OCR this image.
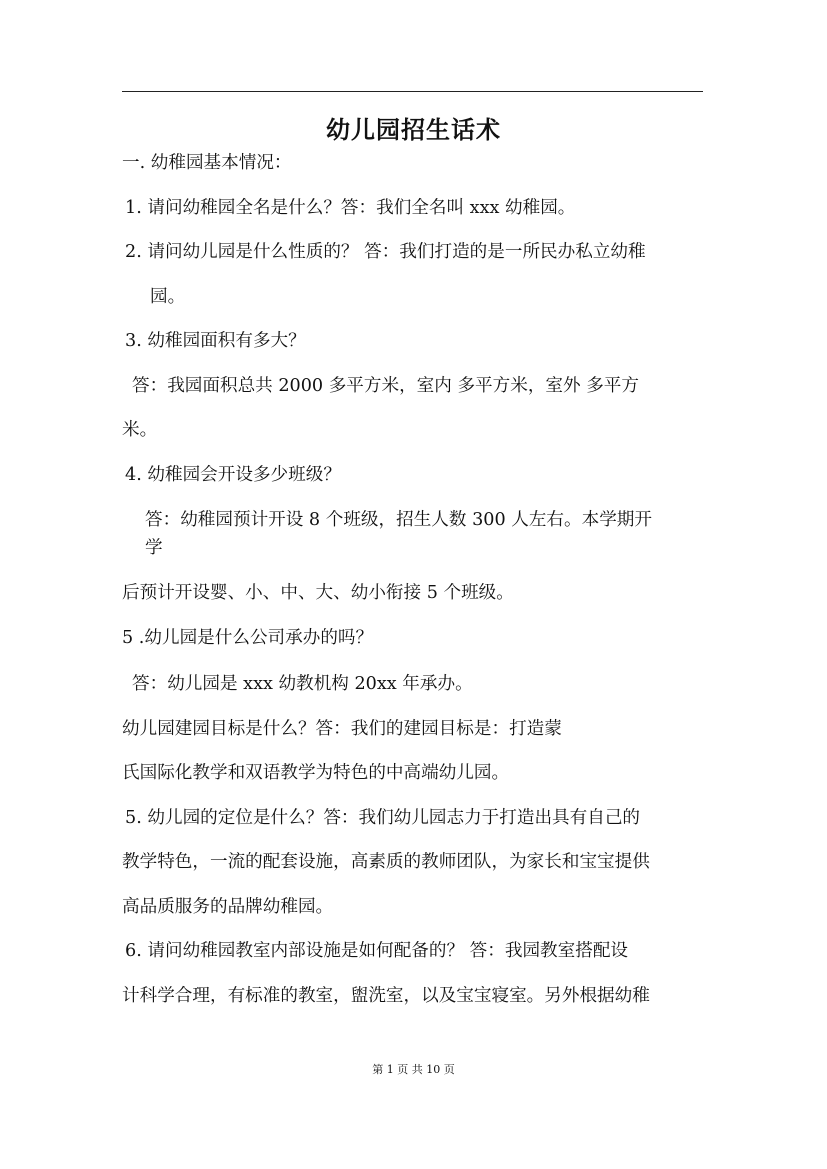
幼儿园招生话术
一. 幼稚园基本情况：
1. 请问幼稚园全名是什么？答：我们全名叫 xxx 幼稚园。
2. 请问幼儿园是什么性质的？ 答：我们打造的是一所民办私立幼稚
园。
3. 幼稚园面积有多大？
答：我园面积总共 2000 多平方米，室内 多平方米，室外 多平方
米。
4. 幼稚园会开设多少班级？
答：幼稚园预计开设 8 个班级，招生人数 300 人左右。本学期开
学
后预计开设婴、小、中、大、幼小衔接 5 个班级。
5 .幼儿园是什么公司承办的吗？
答：幼儿园是 xxx 幼教机构 20xx 年承办。
幼儿园建园目标是什么？答：我们的建园目标是：打造蒙
氏国际化教学和双语教学为特色的中高端幼儿园。
5. 幼儿园的定位是什么？答：我们幼儿园志力于打造出具有自己的
教学特色，一流的配套设施，高素质的教师团队，为家长和宝宝提供
高品质服务的品牌幼稚园。
6. 请问幼稚园教室内部设施是如何配备的？ 答：我园教室搭配设
计科学合理，有标准的教室，盥洗室，以及宝宝寝室。另外根据幼稚
第 1 页 共 10 页
